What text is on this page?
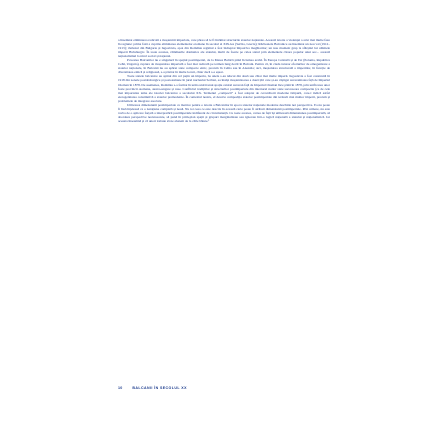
a însemnat eliminarea radicală a moștenirii imperiale, care părea să le fi înrămat structurile statelor naționale. Această istorie a violenței a avut mai multe faze în regiune: prima fază a cuprins eliminarea elementelor otomane în secolul al XIX-lea (Serbia, Grecia); Războaiele Balcanice au însemnat un nou val (1912–1913); războiul din Bulgaria și Iugoslavia, apoi din România regimul a fost îndreptat împotriva maghiarilor; un nou moment grup la sfârșitul lui ultimele imperii Habsburgic. În toate acestea, rămânerile dramatice ale statului, multi de foarte pe calea statul prin elementele cărora popular unui sec... această naționalismul la nivel social și național.

Povestea Balcanilor nu e singulară în spațiul postimperial, de la Marea Baltică până în lumea arabă. În Europa Centrală și de Est (Polonia, Republica Cehă, Ungaria), ruptura de moștenirea imperială a fost mai radicală pe termen lung decât în Balcani. Pentru că, în ciuda tuturor eforturilor de omogenizare a statelor naționale, în Balcanii nu au apărut state compacte etnic, precum în Cehia sau în Anatolia; aici, moștenirea structurală a imperiilor, în funcție de diversitatea etnică și religioasă, s-a păstrat în multe locuri, chiar dacă s-a eșuat.

Toate statele balcanice au apărut din cel puțin un imperiu, ba unele s-au născut din două sau chiar mai multe imperii. Iugoslavia a fost construită în 1918 din zonele postabsburgice și postotomane în jurul nucleului Serbiei, ea însăși moștenitoarea a două țări care și-au câștigat suveranitatea față de Imperiul Otoman în 1878. De asemenea, România s-a format în urma unirii unui spațiu central suveran față de Imperiul Otoman înce până în 1878, prin unificarea unor foste provincii otomane, austro-ungare și ruse. Conflictul tradițiilor și structurilor postimperiale din interiorul noilor state succesoare compozite (ce de cele mai importante teme ale istoriei balcanice a secolului XX. Termenul „compozit” a fost adoptat de cercetătorii moderne timpurii, care-l indică astfel eterogenitatea constitutivă a statelor premoderne. În contextul nostru, el descrie compoziția statelor postimperiale din teritorii mai multor imperii, precum și problemele de integrare asociate.

Utilizarea dimensiunii postimperiale ca matrice pentru o istorie a Balcanilor în epoca statelor naționale moderne deschide noi perspective. Ea nu poate fi însă înțeleasă ca o narațiune completă și nouă. Nu tot ceea ce este descris în această carte poate fi atribuit dimensiunii postimperiale. Prin urmare, nu este vorba de o aplicare forțată a interpretării postimperiale indiferent de circumstanță. Cu toate acestea, cartea de față își utilizează dimensiunea postimperială, să abordeze perspective necunoscute, să pună în prim-plan spații și grupuri marginalizate sau ignorate într-o logică națională a statului și naționalistică. Iar aceasta înseamnă și că unori trebuie să ne abatem de la căile bătute.¹

10	BALCANII ÎN SECOLUL XX
